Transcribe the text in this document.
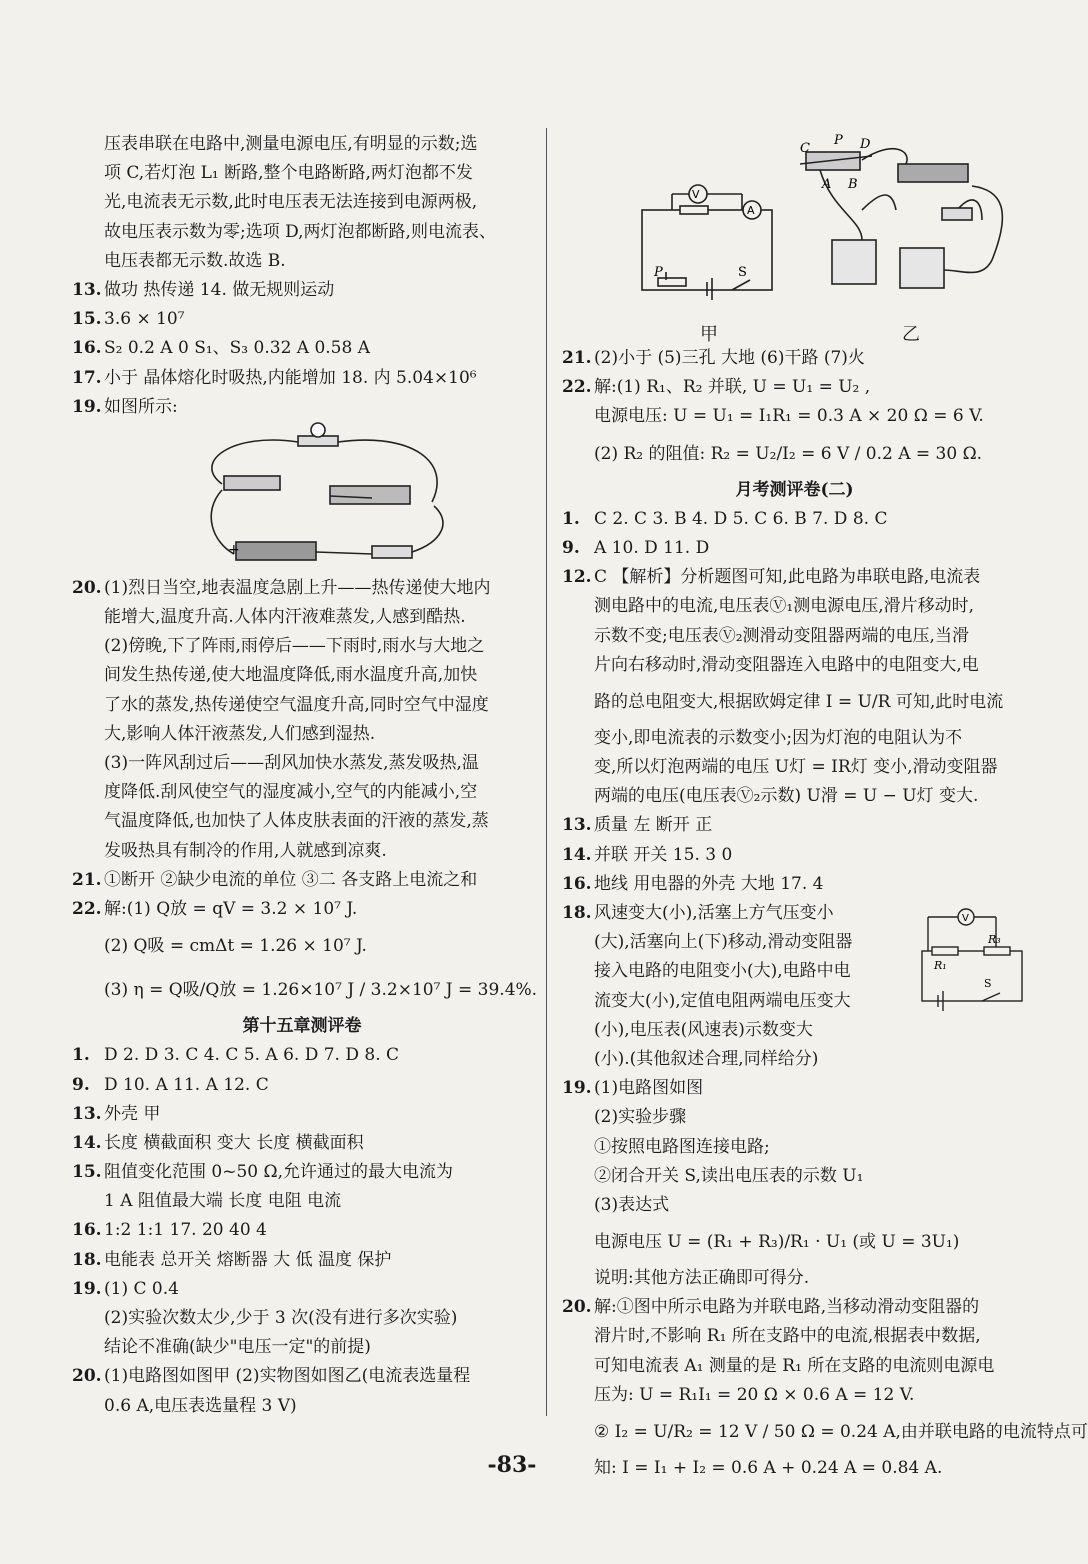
压表串联在电路中,测量电源电压,有明显的示数;选
项 C,若灯泡 L₁ 断路,整个电路断路,两灯泡都不发
光,电流表无示数,此时电压表无法连接到电源两极,
故电压表示数为零;选项 D,两灯泡都断路,则电流表、
电压表都无示数.故选 B.
13. 做功 热传递 14. 做无规则运动
15. 3.6 × 10⁷
16. S₂ 0.2 A 0 S₁、S₃ 0.32 A 0.58 A
17. 小于 晶体熔化时吸热,内能增加 18. 内 5.04×10⁶
19. 如图所示:
+
20. (1)烈日当空,地表温度急剧上升——热传递使大地内
能增大,温度升高.人体内汗液难蒸发,人感到酷热.
(2)傍晚,下了阵雨,雨停后——下雨时,雨水与大地之
间发生热传递,使大地温度降低,雨水温度升高,加快
了水的蒸发,热传递使空气温度升高,同时空气中湿度
大,影响人体汗液蒸发,人们感到湿热.
(3)一阵风刮过后——刮风加快水蒸发,蒸发吸热,温
度降低.刮风使空气的湿度减小,空气的内能减小,空
气温度降低,也加快了人体皮肤表面的汗液的蒸发,蒸
发吸热具有制冷的作用,人就感到凉爽.
21. ①断开 ②缺少电流的单位 ③二 各支路上电流之和
22. 解:(1) Q放 = qV = 3.2 × 10⁷ J.
(2) Q吸 = cmΔt = 1.26 × 10⁷ J.
(3) η = Q吸/Q放 = 1.26×10⁷ J / 3.2×10⁷ J = 39.4%.
第十五章测评卷
1. D 2. D 3. C 4. C 5. A 6. D 7. D 8. C
9. D 10. A 11. A 12. C
13. 外壳 甲
14. 长度 横截面积 变大 长度 横截面积
15. 阻值变化范围 0~50 Ω,允许通过的最大电流为
1 A 阻值最大端 长度 电阻 电流
16. 1:2 1:1 17. 20 40 4
18. 电能表 总开关 熔断器 大 低 温度 保护
19. (1) C 0.4
(2)实验次数太少,少于 3 次(没有进行多次实验)
结论不准确(缺少"电压一定"的前提)
20. (1)电路图如图甲 (2)实物图如图乙(电流表选量程
0.6 A,电压表选量程 3 V)
V
A
P	S
C
P D
A B
甲	乙
21. (2)小于 (5)三孔 大地 (6)干路 (7)火
22. 解:(1) R₁、R₂ 并联, U = U₁ = U₂ ,
电源电压: U = U₁ = I₁R₁ = 0.3 A × 20 Ω = 6 V.
(2) R₂ 的阻值: R₂ = U₂/I₂ = 6 V / 0.2 A = 30 Ω.
月考测评卷(二)
1. C 2. C 3. B 4. D 5. C 6. B 7. D 8. C
9. A 10. D 11. D
12. C 【解析】分析题图可知,此电路为串联电路,电流表
测电路中的电流,电压表Ⓥ₁测电源电压,滑片移动时,
示数不变;电压表Ⓥ₂测滑动变阻器两端的电压,当滑
片向右移动时,滑动变阻器连入电路中的电阻变大,电
路的总电阻变大,根据欧姆定律 I = U/R 可知,此时电流
变小,即电流表的示数变小;因为灯泡的电阻认为不
变,所以灯泡两端的电压 U灯 = IR灯 变小,滑动变阻器
两端的电压(电压表Ⓥ₂示数) U滑 = U − U灯 变大.
13. 质量 左 断开 正
14. 并联 开关 15. 3 0
16. 地线 用电器的外壳 大地 17. 4
18. 风速变大(小),活塞上方气压变小
(大),活塞向上(下)移动,滑动变阻器
接入电路的电阻变小(大),电路中电
流变大(小),定值电阻两端电压变大
(小),电压表(风速表)示数变大
(小).(其他叙述合理,同样给分)
V
R₁
R₃
S
19. (1)电路图如图
(2)实验步骤
①按照电路图连接电路;
②闭合开关 S,读出电压表的示数 U₁
(3)表达式
电源电压 U = (R₁ + R₃)/R₁ · U₁ (或 U = 3U₁)
说明:其他方法正确即可得分.
20. 解:①图中所示电路为并联电路,当移动滑动变阻器的
滑片时,不影响 R₁ 所在支路中的电流,根据表中数据,
可知电流表 A₁ 测量的是 R₁ 所在支路的电流则电源电
压为: U = R₁I₁ = 20 Ω × 0.6 A = 12 V.
② I₂ = U/R₂ = 12 V / 50 Ω = 0.24 A,由并联电路的电流特点可
知: I = I₁ + I₂ = 0.6 A + 0.24 A = 0.84 A.
-83-
